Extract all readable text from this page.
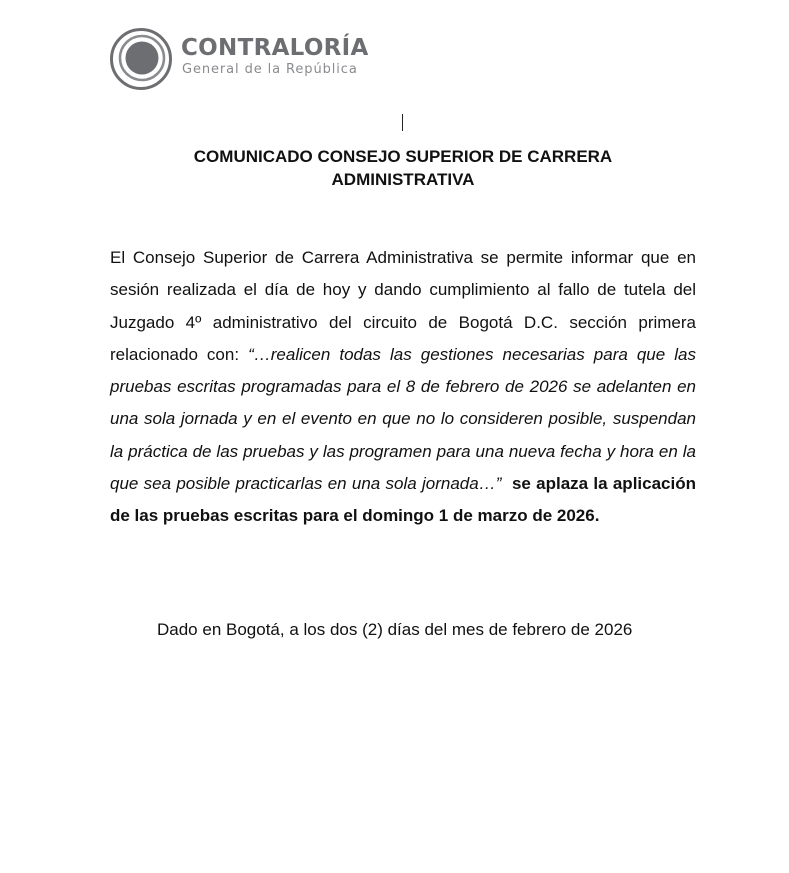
CONTRALORÍA
General de la República
COMUNICADO CONSEJO SUPERIOR DE CARRERA
ADMINISTRATIVA
El Consejo Superior de Carrera Administrativa se permite informar que en sesión realizada el día de hoy y dando cumplimiento al fallo de tutela del Juzgado 4º administrativo del circuito de Bogotá D.C. sección primera relacionado con: “…realicen todas las gestiones necesarias para que las pruebas escritas programadas para el 8 de febrero de 2026 se adelanten en una sola jornada y en el evento en que no lo consideren posible, suspendan la práctica de las pruebas y las programen para una nueva fecha y hora en la que sea posible practicarlas en una sola jornada…” se aplaza la aplicación de las pruebas escritas para el domingo 1 de marzo de 2026.
Dado en Bogotá, a los dos (2) días del mes de febrero de 2026
